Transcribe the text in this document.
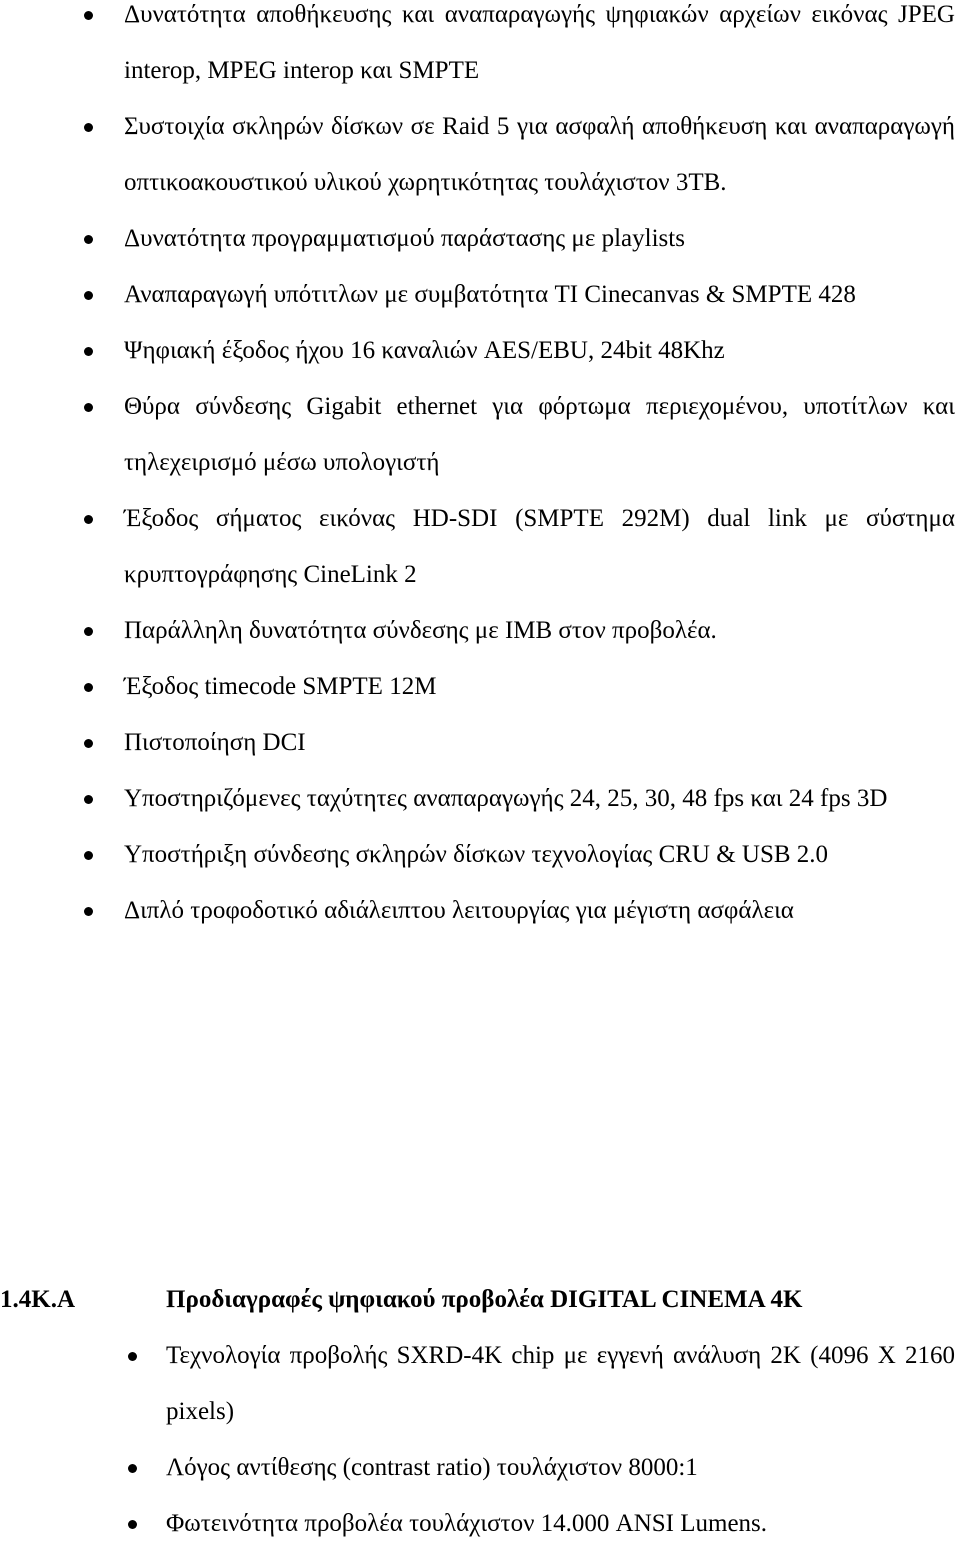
Δυνατότητα αποθήκευσης και αναπαραγωγής ψηφιακών αρχείων εικόνας JPEG interop, MPEG interop και SMPTE
Συστοιχία σκληρών δίσκων σε Raid 5 για ασφαλή αποθήκευση και αναπαραγωγή οπτικοακουστικού υλικού χωρητικότητας τουλάχιστον 3TB.
Δυνατότητα προγραμματισμού παράστασης με playlists
Αναπαραγωγή υπότιτλων με συμβατότητα TI Cinecanvas & SMPTE 428
Ψηφιακή έξοδος ήχου 16 καναλιών AES/EBU, 24bit 48Khz
Θύρα σύνδεσης Gigabit ethernet για φόρτωμα περιεχομένου, υποτίτλων και τηλεχειρισμό μέσω υπολογιστή
Έξοδος σήματος εικόνας HD-SDI (SMPTE 292M) dual link με σύστημα κρυπτογράφησης CineLink 2
Παράλληλη δυνατότητα σύνδεσης με IMB στον προβολέα.
Έξοδος timecode SMPTE 12M
Πιστοποίηση DCI
Υποστηριζόμενες ταχύτητες αναπαραγωγής 24, 25, 30, 48 fps και 24 fps 3D
Υποστήριξη σύνδεσης σκληρών δίσκων τεχνολογίας CRU & USB 2.0
Διπλό τροφοδοτικό αδιάλειπτου λειτουργίας για μέγιστη ασφάλεια
1.4K.A	Προδιαγραφές ψηφιακού προβολέα DIGITAL CINEMA 4K
Τεχνολογία προβολής SXRD-4K chip με εγγενή ανάλυση 2K (4096 X 2160 pixels)
Λόγος αντίθεσης (contrast ratio) τουλάχιστον 8000:1
Φωτεινότητα προβολέα τουλάχιστον 14.000 ANSI Lumens.
